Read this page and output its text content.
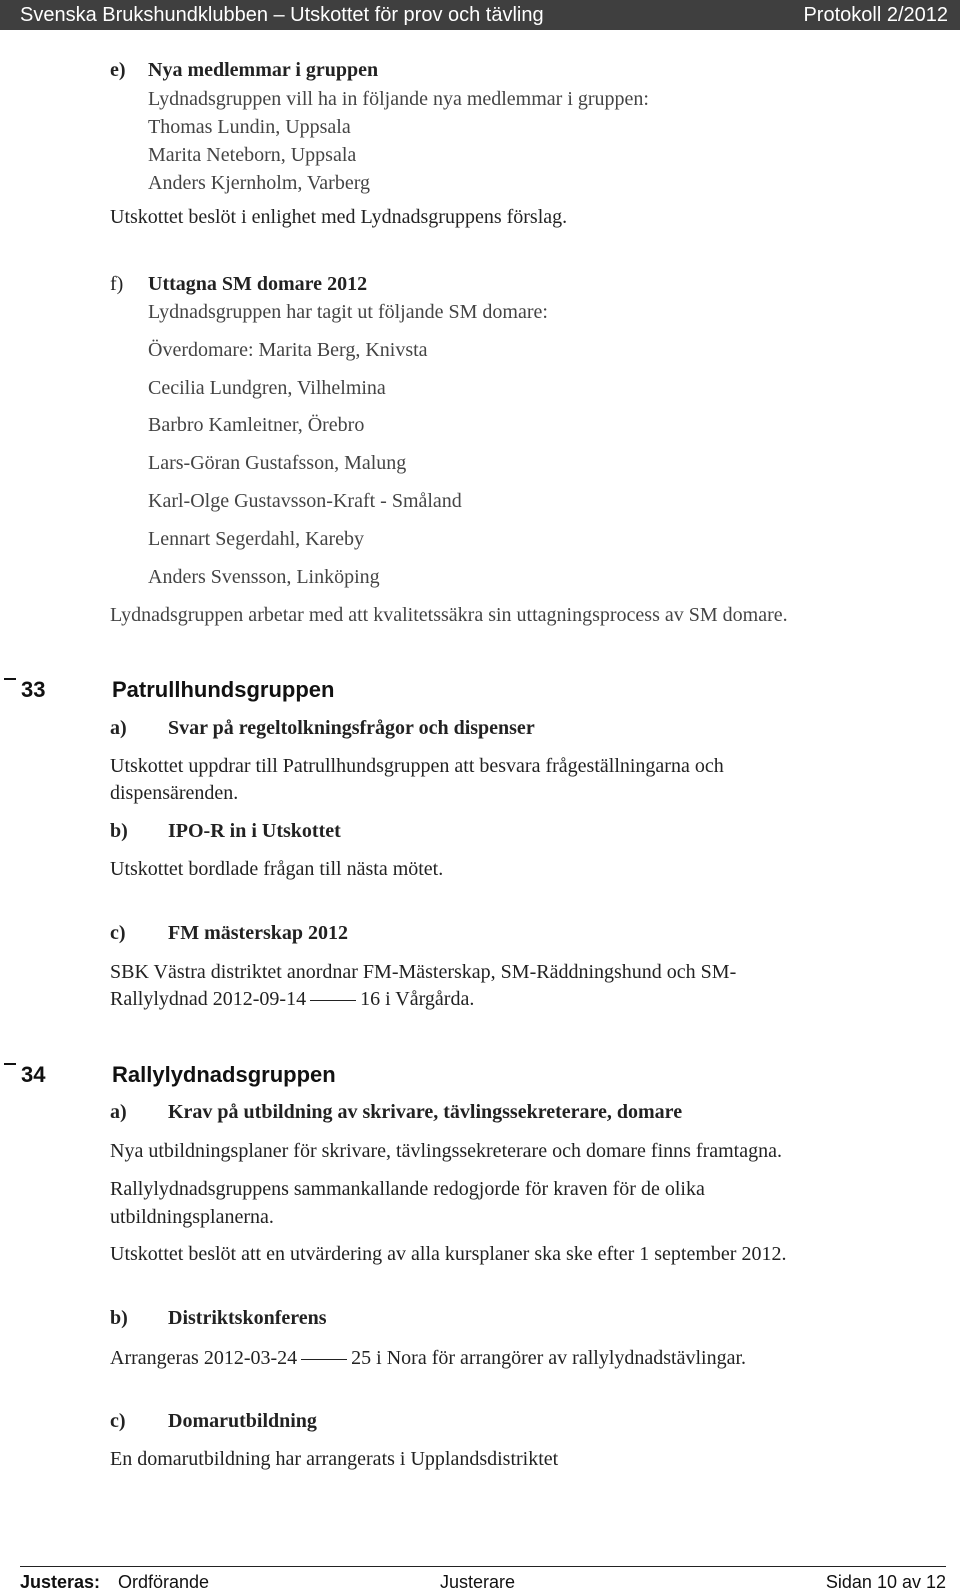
Svenska Brukshundklubben – Utskottet för prov och tävling	Protokoll 2/2012
e) Nya medlemmar i gruppen
Lydnadsgruppen vill ha in följande nya medlemmar i gruppen:
Thomas Lundin, Uppsala
Marita Neteborn, Uppsala
Anders Kjernholm, Varberg
Utskottet beslöt i enlighet med Lydnadsgruppens förslag.
f) Uttagna SM domare 2012
Lydnadsgruppen har tagit ut följande SM domare:
Överdomare: Marita Berg, Knivsta
Cecilia Lundgren, Vilhelmina
Barbro Kamleitner, Örebro
Lars-Göran Gustafsson, Malung
Karl-Olge Gustavsson-Kraft - Småland
Lennart Segerdahl, Kareby
Anders Svensson, Linköping
Lydnadsgruppen arbetar med att kvalitetssäkra sin uttagningsprocess av SM domare.
33	Patrullhundsgruppen
a) Svar på regeltolkningsfrågor och dispenser
Utskottet uppdrar till Patrullhundsgruppen att besvara frågeställningarna och
dispensärenden.
b) IPO-R in i Utskottet
Utskottet bordlade frågan till nästa mötet.
c) FM mästerskap 2012
SBK Västra distriktet anordnar FM-Mästerskap, SM-Räddningshund och SM-
Rallylydnad 2012-09-14	16 i Vårgårda.
34	Rallylydnadsgruppen
a) Krav på utbildning av skrivare, tävlingssekreterare, domare
Nya utbildningsplaner för skrivare, tävlingssekreterare och domare finns framtagna.
Rallylydnadsgruppens sammankallande redogjorde för kraven för de olika
utbildningsplanerna.
Utskottet beslöt att en utvärdering av alla kursplaner ska ske efter 1 september 2012.
b) Distriktskonferens
Arrangeras 2012-03-24	25 i Nora för arrangörer av rallylydnadstävlingar.
c) Domarutbildning
En domarutbildning har arrangerats i Upplandsdistriktet
Justeras: Ordförande	Justerare	Sidan 10 av 12
